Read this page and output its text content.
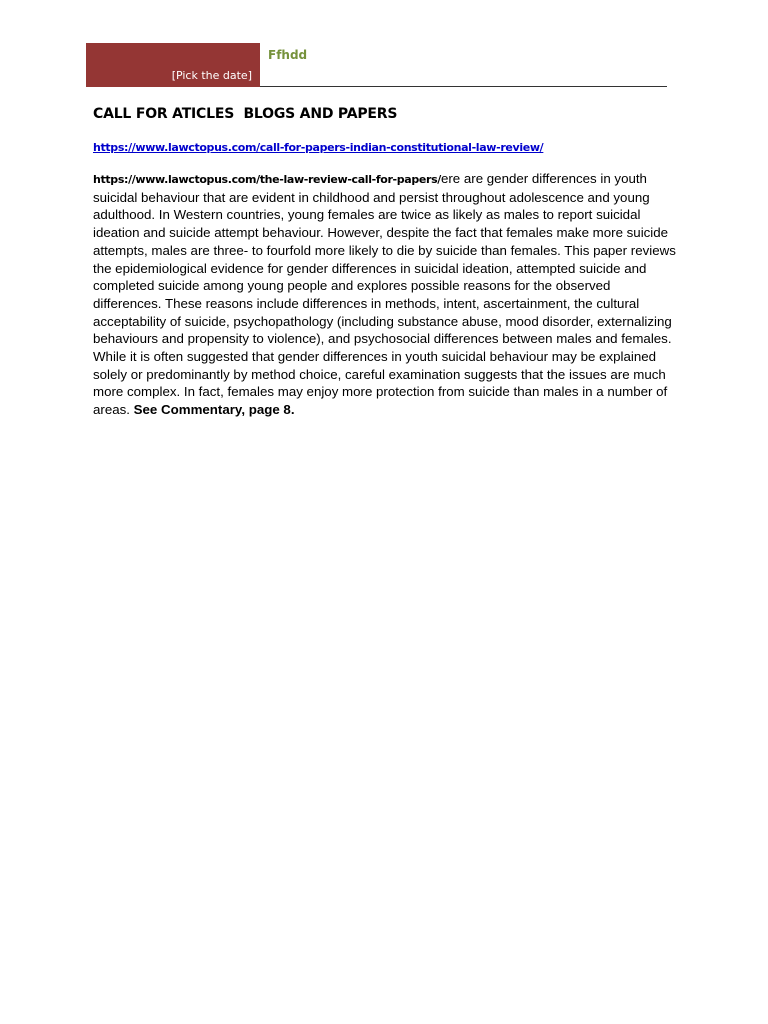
[Pick the date]
Ffhdd
CALL FOR ATICLES  BLOGS AND PAPERS
https://www.lawctopus.com/call-for-papers-indian-constitutional-law-review/

https://www.lawctopus.com/the-law-review-call-for-papers/ere are gender differences in youth suicidal behaviour that are evident in childhood and persist throughout adolescence and young adulthood. In Western countries, young females are twice as likely as males to report suicidal ideation and suicide attempt behaviour. However, despite the fact that females make more suicide attempts, males are three- to fourfold more likely to die by suicide than females. This paper reviews the epidemiological evidence for gender differences in suicidal ideation, attempted suicide and completed suicide among young people and explores possible reasons for the observed differences. These reasons include differences in methods, intent, ascertainment, the cultural acceptability of suicide, psychopathology (including substance abuse, mood disorder, externalizing behaviours and propensity to violence), and psychosocial differences between males and females. While it is often suggested that gender differences in youth suicidal behaviour may be explained solely or predominantly by method choice, careful examination suggests that the issues are much more complex. In fact, females may enjoy more protection from suicide than males in a number of areas. See Commentary, page 8.
